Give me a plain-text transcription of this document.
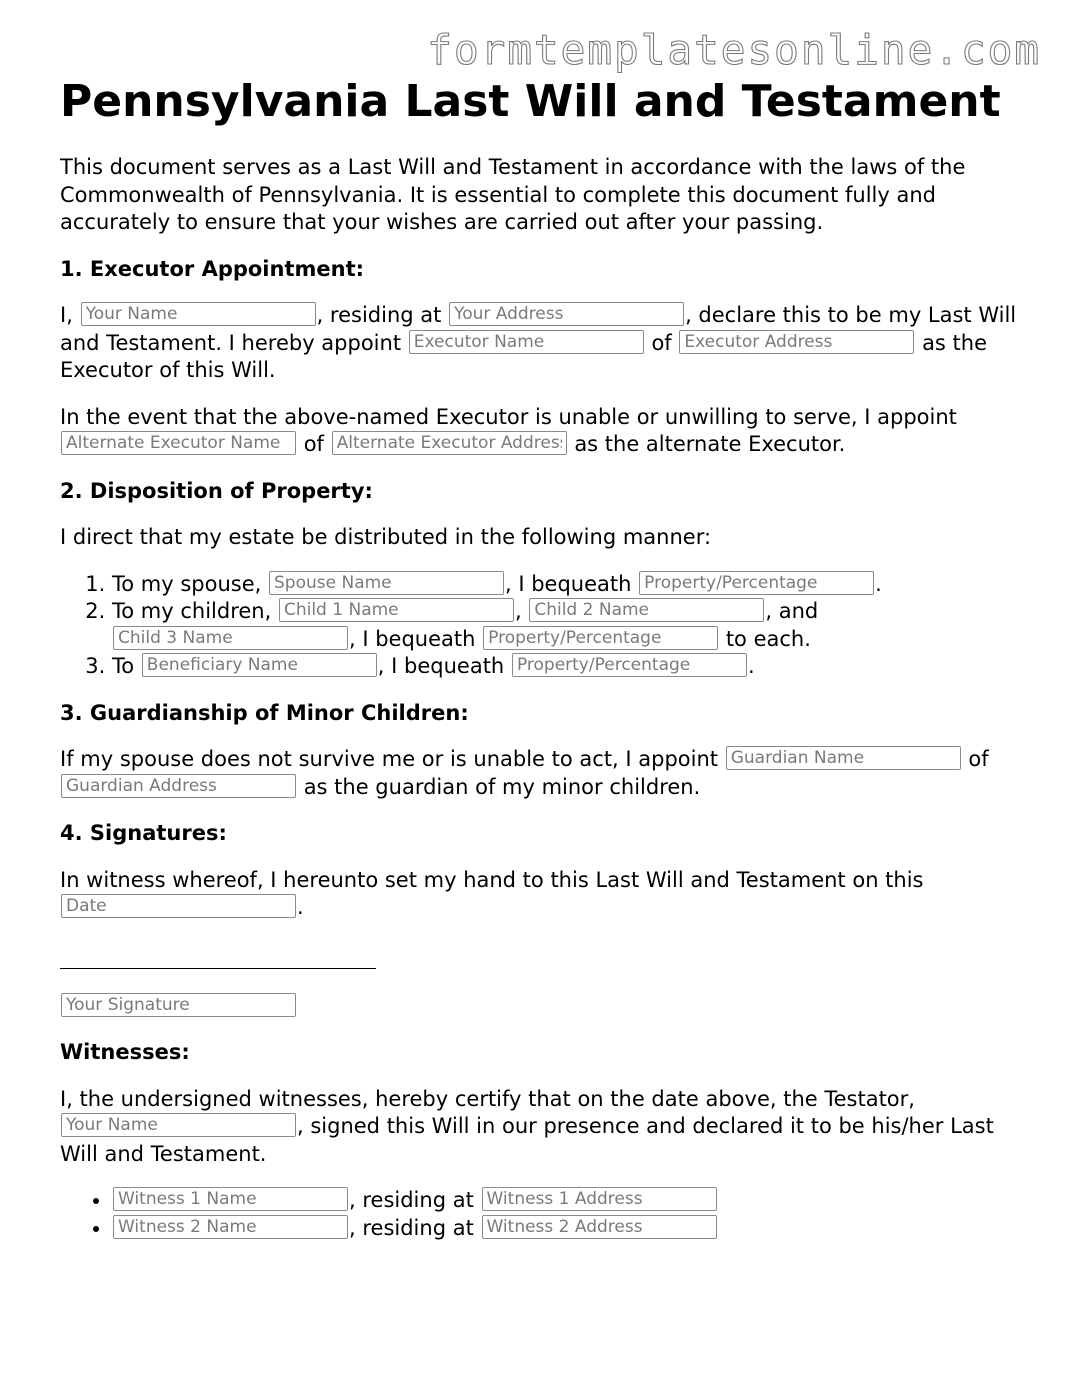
formtemplatesonline.com
Pennsylvania Last Will and Testament

This document serves as a Last Will and Testament in accordance with the laws of the Commonwealth of Pennsylvania. It is essential to complete this document fully and accurately to ensure that your wishes are carried out after your passing.

1. Executor Appointment:

I, Your Name	, residing at Your Address	, declare this to be my Last Will and Testament. I hereby appoint Executor Name	of Executor Address	as the Executor of this Will.

In the event that the above-named Executor is unable or unwilling to serve, I appoint Alternate Executor Name of Alternate Executor Address	as the alternate Executor.

2. Disposition of Property:

I direct that my estate be distributed in the following manner:

1. To my spouse, Spouse Name	, I bequeath Property/Percentage	.
2. To my children, Child 1 Name	, Child 2 Name	, and Child 3 Name, I bequeath Property/Percentage	to each.
3. To Beneficiary Name	, I bequeath Property/Percentage	.
3. Guardianship of Minor Children:

If my spouse does not survive me or is unable to act, I appoint Guardian Name	of Guardian Address as the guardian of my minor children.

4. Signatures:

In witness whereof, I hereunto set my hand to this Last Will and Testament on this Date.

Your Signature

Witnesses:

I, the undersigned witnesses, hereby certify that on the date above, the Testator, Your Name, signed this Will in our presence and declared it to be his/her Last Will and Testament.

Witness 1 Name • , residing at Witness 1 Address
Witness 2 Name • , residing at Witness 2 Address
